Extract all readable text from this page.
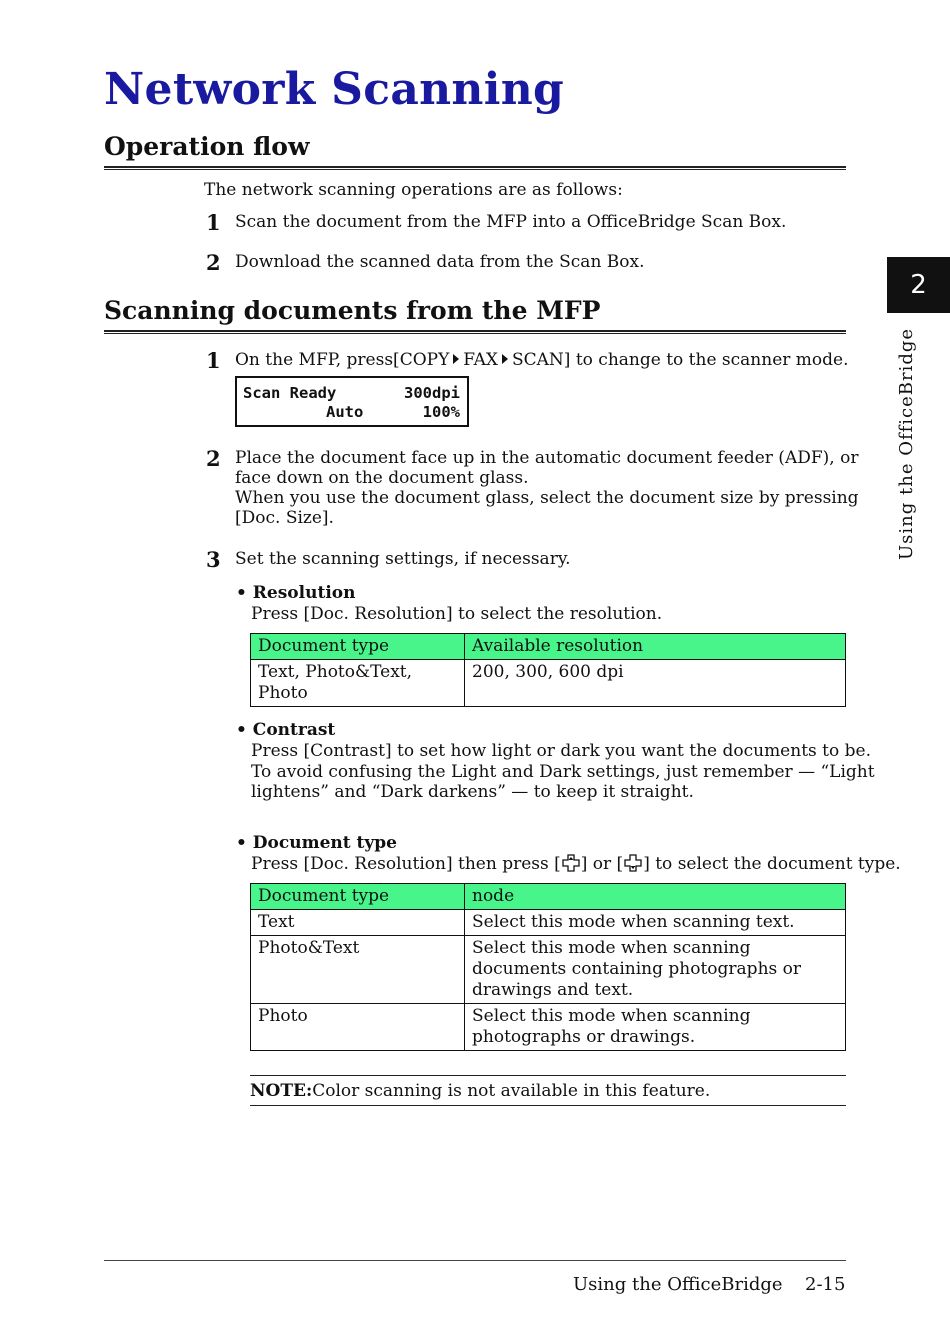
Network Scanning
Operation flow
The network scanning operations are as follows:
1 Scan the document from the MFP into a OfficeBridge Scan Box.
2 Download the scanned data from the Scan Box.
Scanning documents from the MFP
1 On the MFP, press[COPY FAX SCAN] to change to the scanner mode.
Scan Ready	300dpi
Auto	100%
2 Place the document face up in the automatic document feeder (ADF), or
face down on the document glass.
When you use the document glass, select the document size by pressing
[Doc. Size].
3 Set the scanning settings, if necessary.
• Resolution
Press [Doc. Resolution] to select the resolution.
Document type	Available resolution
Text, Photo&Text, Photo	200, 300, 600 dpi
• Contrast
Press [Contrast] to set how light or dark you want the documents to be.
To avoid confusing the Light and Dark settings, just remember — “Light
lightens” and “Dark darkens” — to keep it straight.
• Document type
Press [Doc. Resolution] then press [ ] or [ ] to select the document type.
Document type	node
Text	Select this mode when scanning text.
Photo&Text	Select this mode when scanning documents containing photographs or drawings and text.
Photo	Select this mode when scanning photographs or drawings.
NOTE:Color scanning is not available in this feature.
2
Using the OfficeBridge
Using the OfficeBridge 2-15
